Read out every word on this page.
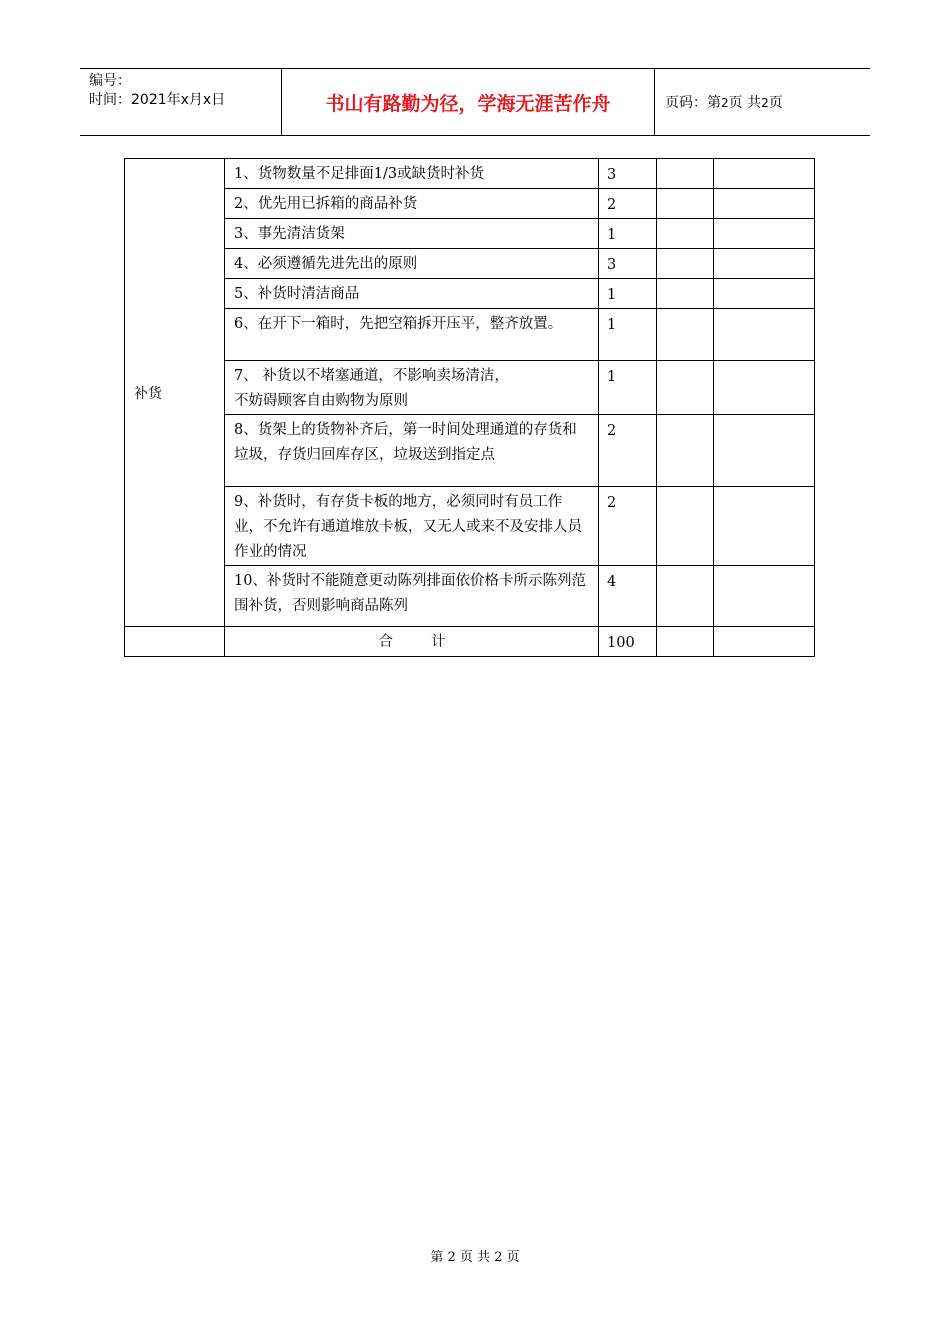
编号：
时间：2021年x月x日	书山有路勤为径，学海无涯苦作舟	页码：第2页 共2页
补货	1、货物数量不足排面1/3或缺货时补货	3		
	2、优先用已拆箱的商品补货	2		
	3、事先清洁货架	1		
	4、必须遵循先进先出的原则	3		
	5、补货时清洁商品	1		
	6、在开下一箱时，先把空箱拆开压平，整齐放置。	1		

	7、 补货以不堵塞通道，不影响卖场清洁，
不妨碍顾客自由购物为原则	1		
	8、货架上的货物补齐后，第一时间处理通道的存货和垃圾，存货归回库存区，垃圾送到指定点	2		
	9、补货时，有存货卡板的地方，必须同时有员工作业，不允许有通道堆放卡板，又无人或来不及安排人员作业的情况	2		
	10、补货时不能随意更动陈列排面依价格卡所示陈列范围补货，否则影响商品陈列	4		
	合 计	100		
第 2 页 共 2 页
